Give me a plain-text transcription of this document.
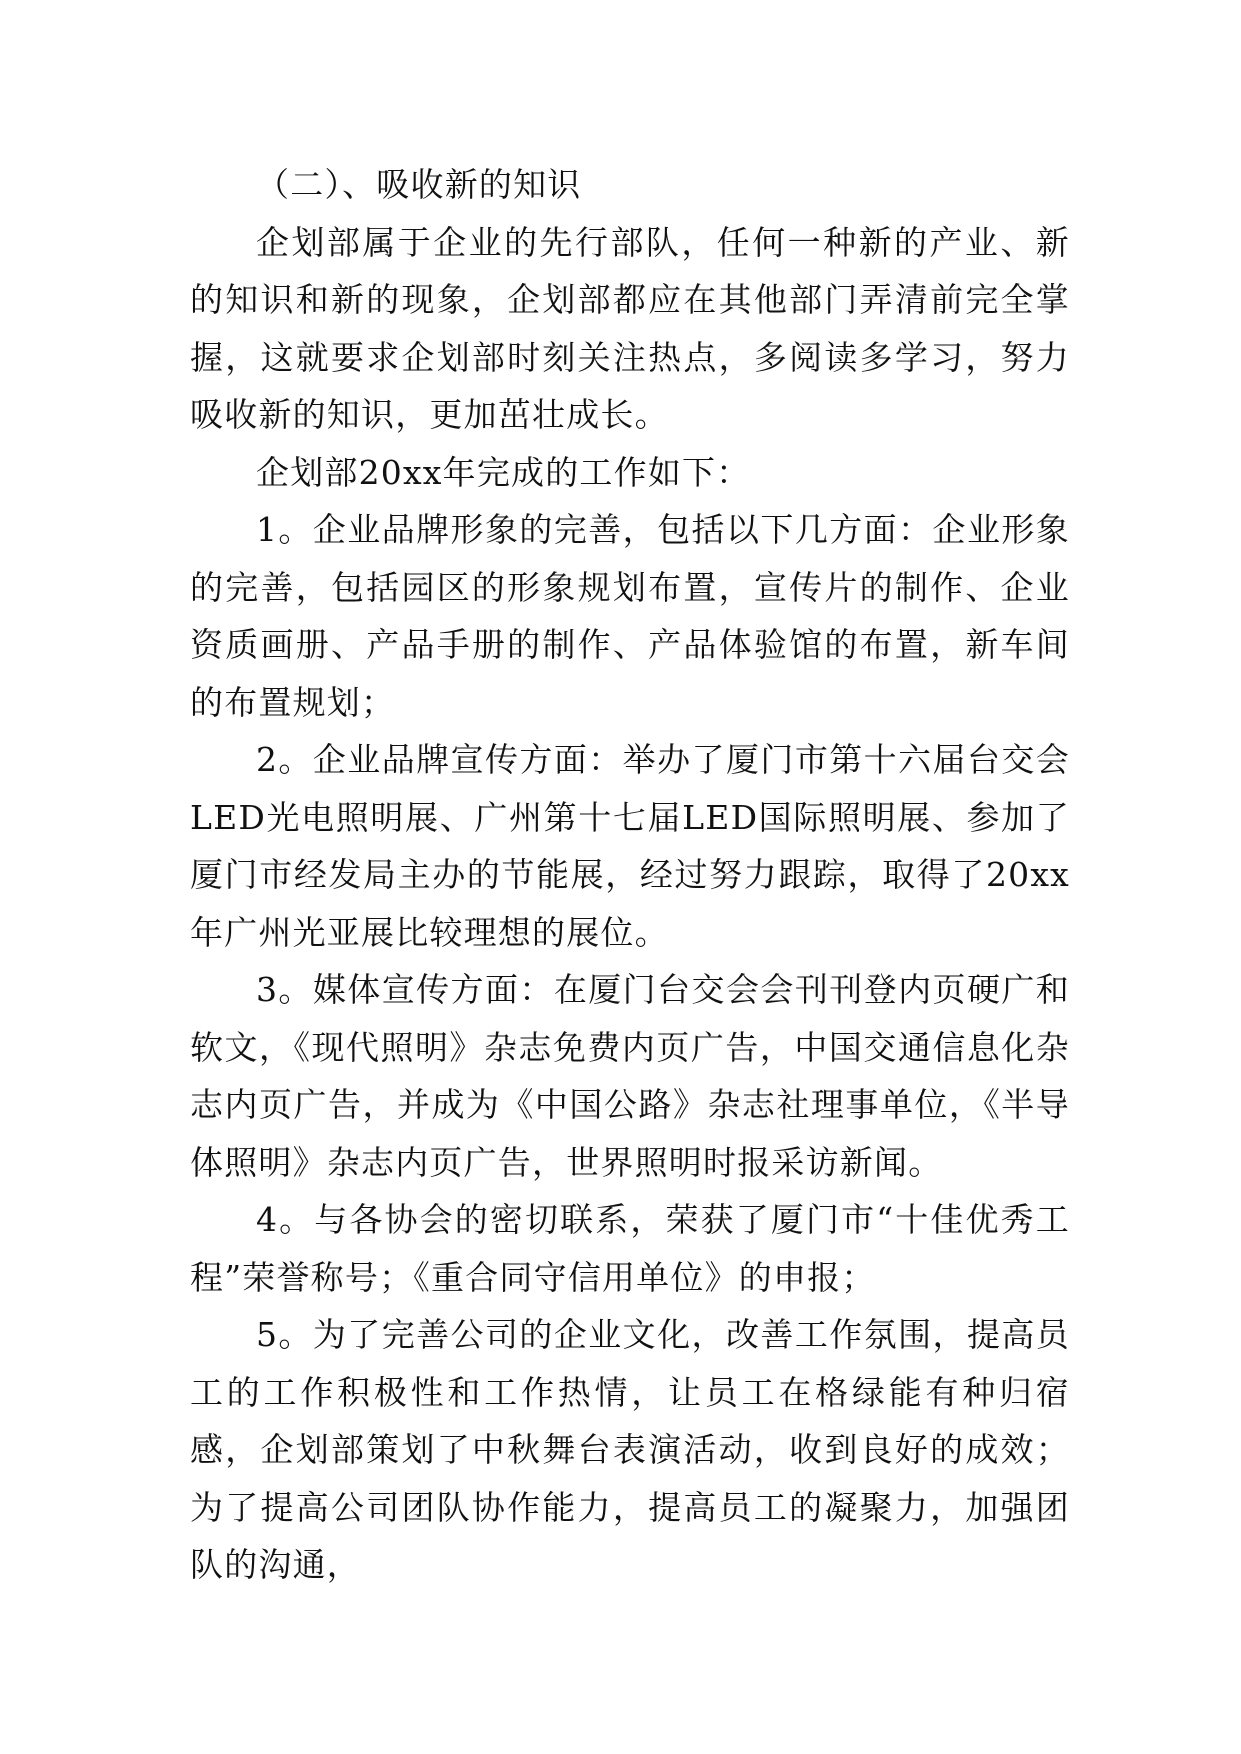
（二）、吸收新的知识

企划部属于企业的先行部队，任何一种新的产业、新的知识和新的现象，企划部都应在其他部门弄清前完全掌握，这就要求企划部时刻关注热点，多阅读多学习，努力吸收新的知识，更加茁壮成长。

企划部20xx年完成的工作如下：

1。企业品牌形象的完善，包括以下几方面：企业形象的完善，包括园区的形象规划布置，宣传片的制作、企业资质画册、产品手册的制作、产品体验馆的布置，新车间的布置规划；

2。企业品牌宣传方面：举办了厦门市第十六届台交会LED光电照明展、广州第十七届LED国际照明展、参加了厦门市经发局主办的节能展，经过努力跟踪，取得了20xx年广州光亚展比较理想的展位。

3。媒体宣传方面：在厦门台交会会刊刊登内页硬广和软文，《现代照明》杂志免费内页广告，中国交通信息化杂志内页广告，并成为《中国公路》杂志社理事单位，《半导体照明》杂志内页广告，世界照明时报采访新闻。

4。与各协会的密切联系，荣获了厦门市“十佳优秀工程”荣誉称号；《重合同守信用单位》的申报；

5。为了完善公司的企业文化，改善工作氛围，提高员工的工作积极性和工作热情，让员工在格绿能有种归宿感，企划部策划了中秋舞台表演活动，收到良好的成效；为了提高公司团队协作能力，提高员工的凝聚力，加强团队的沟通，
